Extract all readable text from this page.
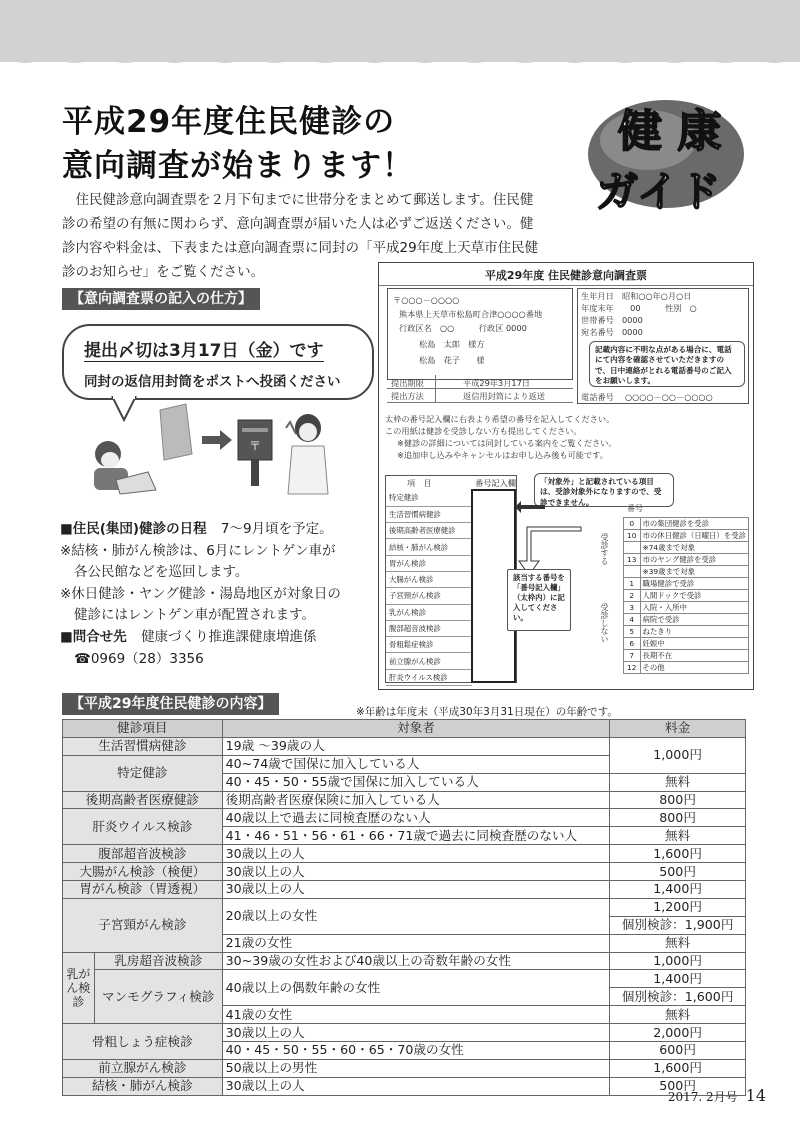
平成29年度住民健診の
意向調査が始まります！
健 康
ガイド
住民健診意向調査票を２月下旬までに世帯分をまとめて郵送します。住民健診の希望の有無に関わらず、意向調査票が届いた人は必ずご返送ください。健診内容や料金は、下表または意向調査票に同封の「平成29年度上天草市住民健診のお知らせ」をご覧ください。
【意向調査票の記入の仕方】
提出〆切は3月17日（金）です
同封の返信用封筒をポストへ投函ください
〒
■住民(集団)健診の日程 7～9月頃を予定。
※結核・肺がん検診は、6月にレントゲン車が
各公民館などを巡回します。
※休日健診・ヤング健診・湯島地区が対象日の
健診にはレントゲン車が配置されます。
■問合せ先 健康づくり推進課健康増進係
☎0969（28）3356
平成29年度 住民健診意向調査票
〒○○○－○○○○
熊本県上天草市松島町合津○○○○番地
行政区名　○○　　　行政区 0000
松島　太郎　様方
松島　花子　　様
提出期限	平成29年3月17日
提出方法	返信用封筒により返送
生年月日　昭和○○年○月○日
年度末年　　00　　　性別　○
世帯番号　0000
宛名番号　0000
記載内容に不明な点がある場合に、電話にて内容を確認させていただきますので、日中連絡がとれる電話番号のご記入をお願いします。
電話番号 ○○○○－○○－○○○○
太枠の番号記入欄に右表より希望の番号を記入してください。
この用紙は健診を受診しない方も提出してください。
※健診の詳細については同封している案内をご覧ください。
※追加申し込みやキャンセルはお申し込み後も可能です。
項　目	番号記入欄
特定健診
生活習慣病健診
後期高齢者医療健診
結核・肺がん検診
胃がん検診
大腸がん検診
子宮頸がん検診
乳がん検診
腹部超音波検診
骨粗鬆症検診
前立腺がん検診
肝炎ウイルス検診
「対象外」と記載されている項目は、受診対象外になりますので、受診できません。
該当する番号を「番号記入欄」（太枠内）に記入してください。
番号
受診する
受診しない
0	市の集団健診を受診
10	市の休日健診（日曜日）を受診
	※74歳まで対象
13	市のヤング健診を受診
	※39歳まで対象
1	職場健診で受診
2	人間ドックで受診
3	入院・入所中
4	病院で受診
5	ねたきり
6	妊娠中
7	長期不在
12	その他
【平成29年度住民健診の内容】	※年齢は年度末（平成30年3月31日現在）の年齢です。
健診項目		対象者	料金
生活習慣病健診		19歳 ～39歳の人	1,000円
特定健診		40~74歳で国保に加入している人	
		40・45・50・55歳で国保に加入している人	無料
後期高齢者医療健診		後期高齢者医療保険に加入している人	800円
肝炎ウイルス検診		40歳以上で過去に同検査歴のない人	800円
		41・46・51・56・61・66・71歳で過去に同検査歴のない人	無料
腹部超音波検診		30歳以上の人	1,600円
大腸がん検診（検便）		30歳以上の人	500円
胃がん検診（胃透視）		30歳以上の人	1,400円
子宮頸がん検診		20歳以上の女性	1,200円
			個別検診：1,900円
		21歳の女性	無料
乳がん検診	乳房超音波検診	30~39歳の女性および40歳以上の奇数年齢の女性	1,000円
	マンモグラフィ検診	40歳以上の偶数年齢の女性	1,400円
			個別検診：1,600円
		41歳の女性	無料
骨粗しょう症検診		30歳以上の人	2,000円
		40・45・50・55・60・65・70歳の女性	600円
前立腺がん検診		50歳以上の男性	1,600円
結核・肺がん検診		30歳以上の人	500円
2017. 2月号 14
